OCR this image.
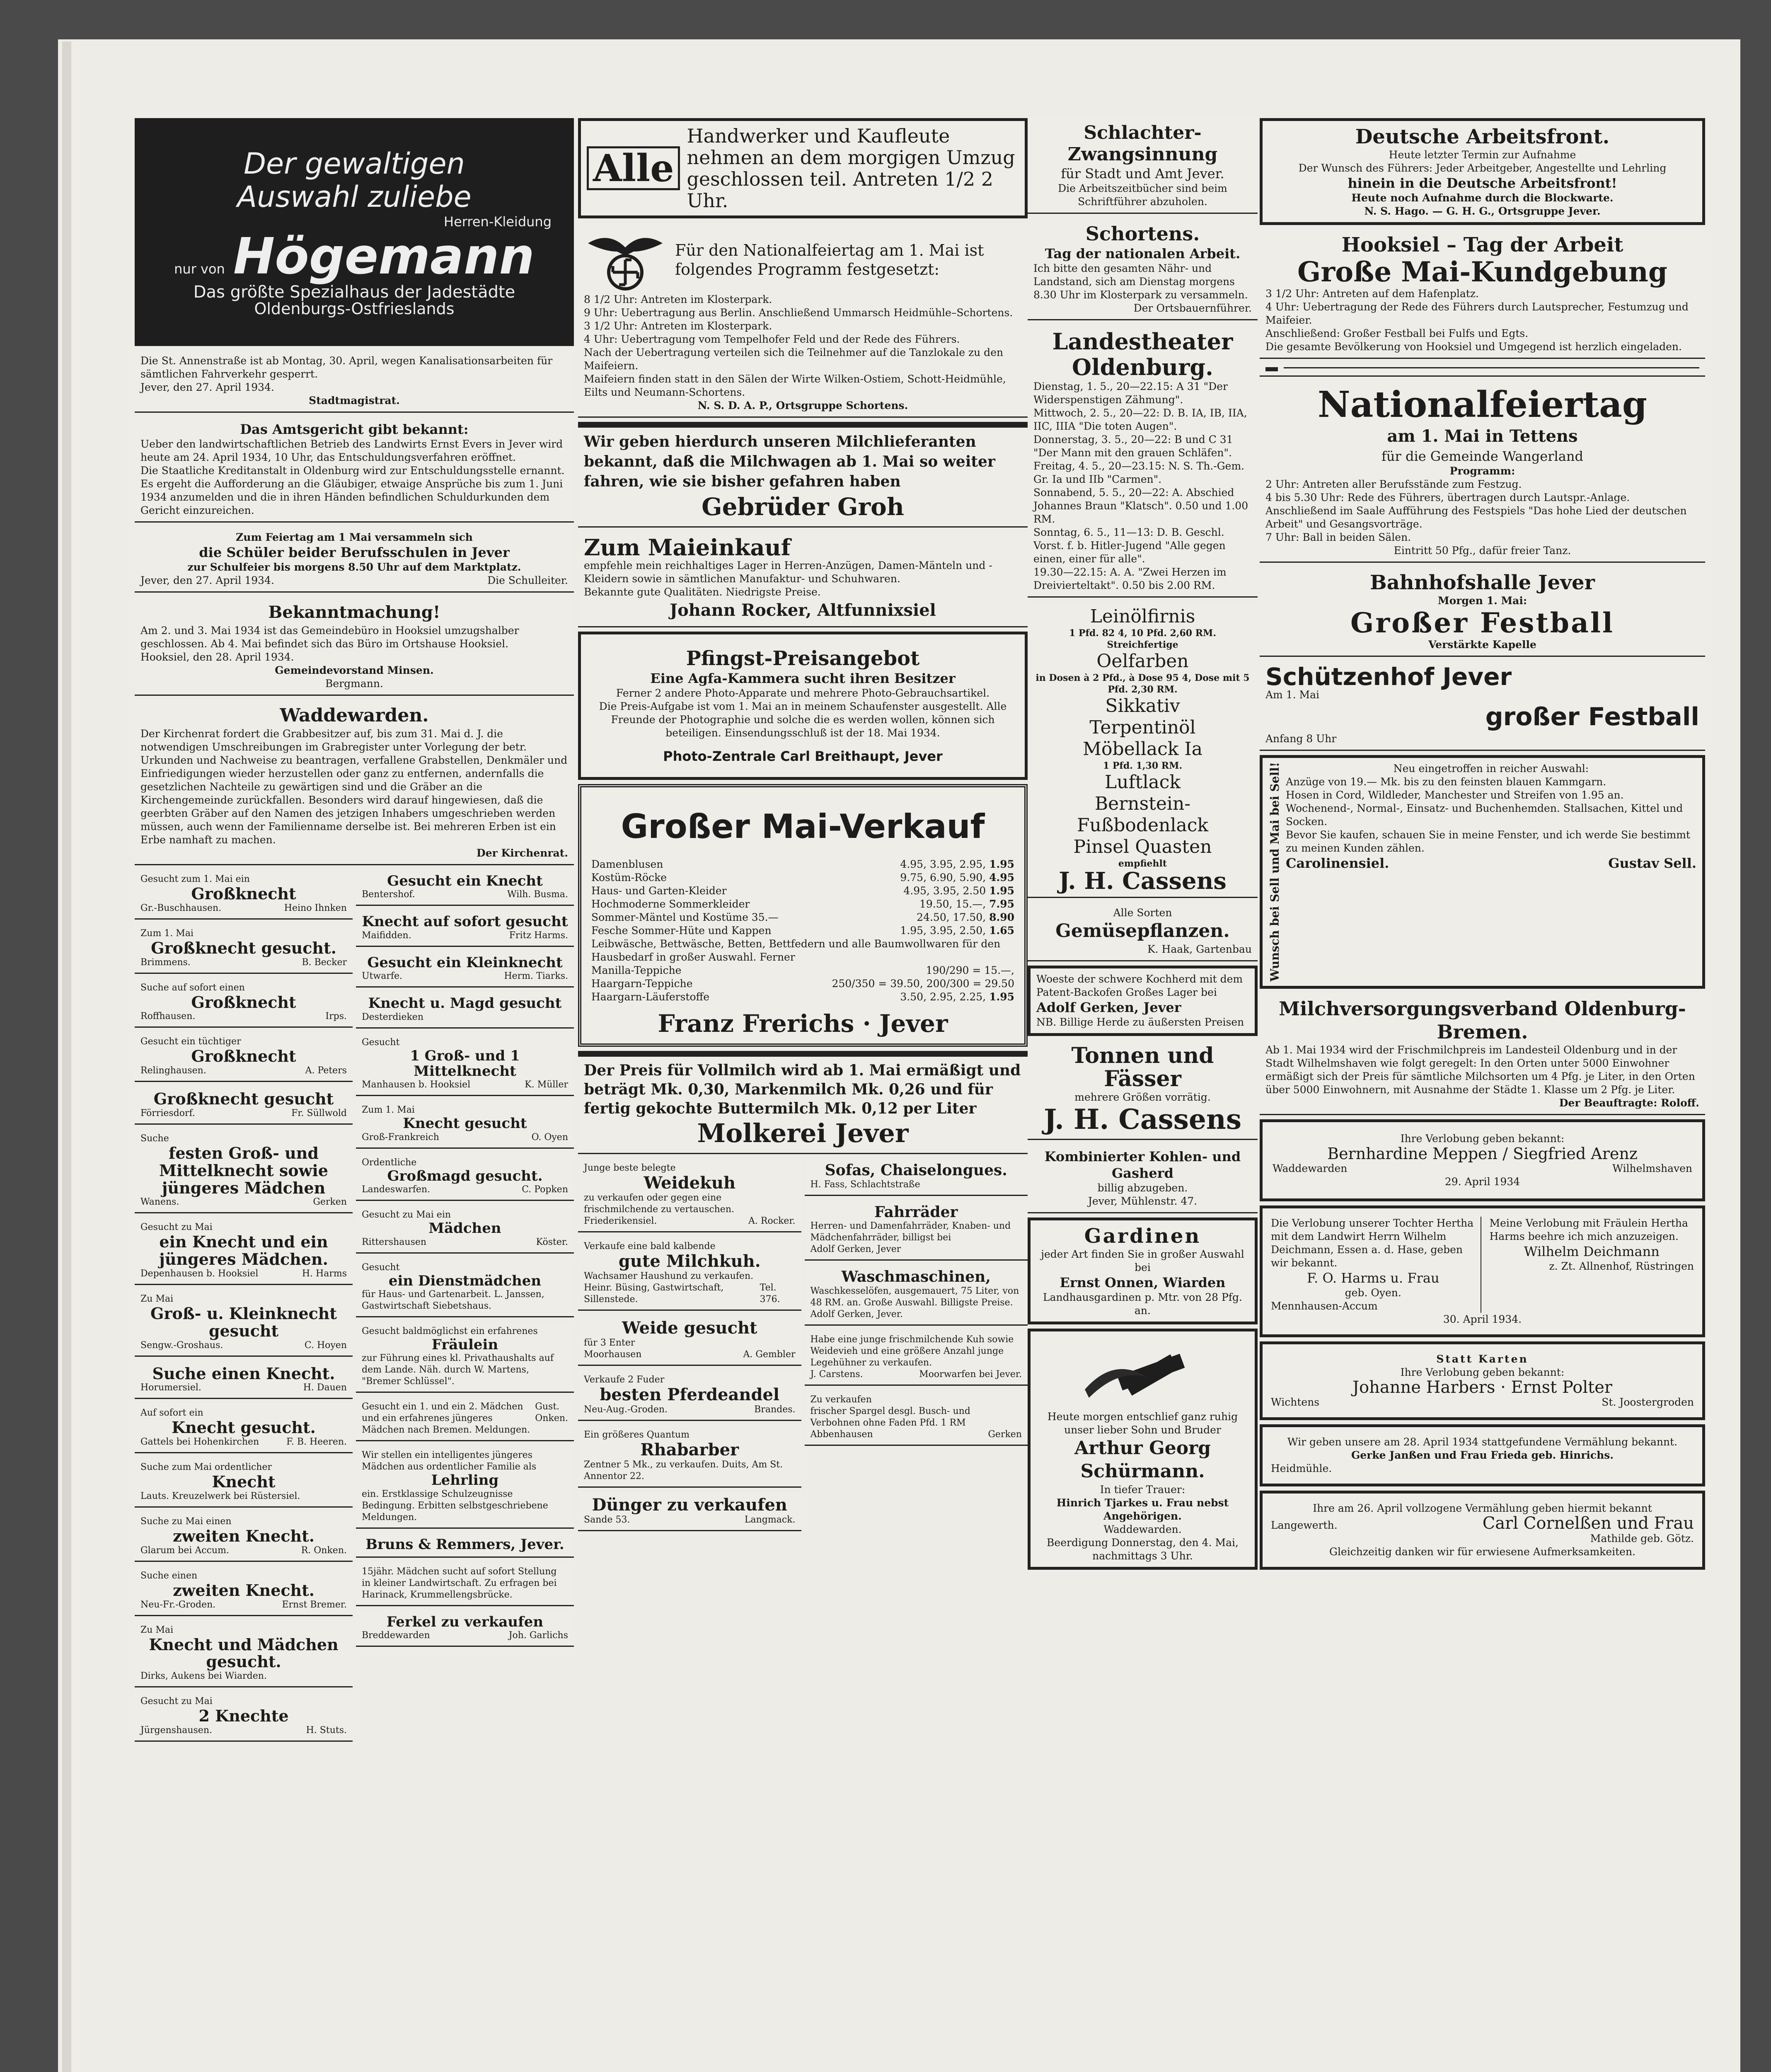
Der gewaltigen
Auswahl zuliebe
Herren-Kleidung
nur von Högemann
Das größte Spezialhaus der Jadestädte
Oldenburgs-Ostfrieslands
Die St. Annenstraße ist ab Montag, 30. April, wegen Kanalisationsarbeiten für sämtlichen Fahrverkehr gesperrt.
Jever, den 27. April 1934.
Stadtmagistrat.
Das Amtsgericht gibt bekannt:
Ueber den landwirtschaftlichen Betrieb des Landwirts Ernst Evers in Jever wird heute am 24. April 1934, 10 Uhr, das Entschuldungsverfahren eröffnet.
Die Staatliche Kreditanstalt in Oldenburg wird zur Entschuldungsstelle ernannt.
Es ergeht die Aufforderung an die Gläubiger, etwaige Ansprüche bis zum 1. Juni 1934 anzumelden und die in ihren Händen befindlichen Schuldurkunden dem Gericht einzureichen.
Zum Feiertag am 1 Mai versammeln sich
die Schüler beider Berufsschulen in Jever
zur Schulfeier bis morgens 8.50 Uhr auf dem Marktplatz.
Jever, den 27. April 1934.	Die Schulleiter.
Bekanntmachung!
Am 2. und 3. Mai 1934 ist das Gemeindebüro in Hooksiel umzugshalber geschlossen. Ab 4. Mai befindet sich das Büro im Ortshause Hooksiel.
Hooksiel, den 28. April 1934.
Gemeindevorstand Minsen.
Bergmann.
Waddewarden.
Der Kirchenrat fordert die Grabbesitzer auf, bis zum 31. Mai d. J. die notwendigen Umschreibungen im Grabregister unter Vorlegung der betr. Urkunden und Nachweise zu beantragen, verfallene Grabstellen, Denkmäler und Einfriedigungen wieder herzustellen oder ganz zu entfernen, andernfalls die gesetzlichen Nachteile zu gewärtigen sind und die Gräber an die Kirchengemeinde zurückfallen. Besonders wird darauf hingewiesen, daß die geerbten Gräber auf den Namen des jetzigen Inhabers umgeschrieben werden müssen, auch wenn der Familienname derselbe ist. Bei mehreren Erben ist ein Erbe namhaft zu machen.
Der Kirchenrat.
Gesucht zum 1. Mai ein
Großknecht
Gr.-Buschhausen.	Heino Ihnken
Zum 1. Mai
Großknecht gesucht.
Brimmens.	B. Becker
Suche auf sofort einen
Großknecht
Roffhausen.	Irps.
Gesucht ein tüchtiger
Großknecht
Relinghausen.	A. Peters
Großknecht gesucht
Förriesdorf.	Fr. Süllwold
Suche
festen Groß- und Mittelknecht sowie jüngeres Mädchen
Wanens.	Gerken
Gesucht zu Mai
ein Knecht und ein jüngeres Mädchen.
Depenhausen b. Hooksiel	H. Harms
Zu Mai
Groß- u. Kleinknecht gesucht
Sengw.-Groshaus.	C. Hoyen
Suche einen Knecht.
Horumersiel.	H. Dauen
Auf sofort ein
Knecht gesucht.
Gattels bei Hohenkirchen	F. B. Heeren.
Suche zum Mai ordentlicher
Knecht
Lauts. Kreuzelwerk bei Rüstersiel.
Suche zu Mai einen
zweiten Knecht.
Glarum bei Accum.	R. Onken.
Suche einen
zweiten Knecht.
Neu-Fr.-Groden.	Ernst Bremer.
Zu Mai
Knecht und Mädchen gesucht.
Dirks, Aukens bei Wiarden.
Gesucht zu Mai
2 Knechte
Jürgenshausen.	H. Stuts.
Gesucht ein Knecht
Bentershof.	Wilh. Busma.
Knecht auf sofort gesucht
Maifidden.	Fritz Harms.
Gesucht ein Kleinknecht
Utwarfe.	Herm. Tiarks.
Knecht u. Magd gesucht
Desterdieken
Gesucht
1 Groß- und 1 Mittelknecht
Manhausen b. Hooksiel	K. Müller
Zum 1. Mai
Knecht gesucht
Groß-Frankreich	O. Oyen
Ordentliche
Großmagd gesucht.
Landeswarfen.	C. Popken
Gesucht zu Mai ein
Mädchen
Rittershausen	Köster.
Gesucht
ein Dienstmädchen
für Haus- und Gartenarbeit. L. Janssen, Gastwirtschaft Siebetshaus.
Gesucht baldmöglichst ein erfahrenes
Fräulein
zur Führung eines kl. Privathaushalts auf dem Lande. Näh. durch W. Martens, "Bremer Schlüssel".
Gesucht ein 1. und ein 2. Mädchen und ein erfahrenes jüngeres Mädchen nach Bremen. Meldungen.
Gust. Onken.
Wir stellen ein intelligentes jüngeres Mädchen aus ordentlicher Familie als
Lehrling
ein. Erstklassige Schulzeugnisse Bedingung. Erbitten selbstgeschriebene Meldungen.
Bruns & Remmers, Jever.
15jähr. Mädchen sucht auf sofort Stellung in kleiner Landwirtschaft. Zu erfragen bei Harinack, Krummellengsbrücke.
Ferkel zu verkaufen
Breddewarden	Joh. Garlichs
Alle
Handwerker und Kaufleute nehmen an dem morgigen Umzug geschlossen teil. Antreten 1/2 2 Uhr.
Für den Nationalfeiertag am 1. Mai ist folgendes Programm festgesetzt:
8 1/2 Uhr: Antreten im Klosterpark.
9 Uhr: Uebertragung aus Berlin. Anschließend Ummarsch Heidmühle–Schortens.
3 1/2 Uhr: Antreten im Klosterpark.
4 Uhr: Uebertragung vom Tempelhofer Feld und der Rede des Führers.
Nach der Uebertragung verteilen sich die Teilnehmer auf die Tanzlokale zu den Maifeiern.
Maifeiern finden statt in den Sälen der Wirte Wilken-Ostiem, Schott-Heidmühle, Eilts und Neumann-Schortens.
N. S. D. A. P., Ortsgruppe Schortens.
Wir geben hierdurch unseren Milchlieferanten bekannt, daß die Milchwagen ab 1. Mai so weiter fahren, wie sie bisher gefahren haben
Gebrüder Groh
Zum Maieinkauf
empfehle mein reichhaltiges Lager in Herren-Anzügen, Damen-Mänteln und -Kleidern sowie in sämtlichen Manufaktur- und Schuhwaren.
Bekannte gute Qualitäten. Niedrigste Preise.
Johann Rocker, Altfunnixsiel
Pfingst-Preisangebot
Eine Agfa-Kammera sucht ihren Besitzer
Ferner 2 andere Photo-Apparate und mehrere Photo-Gebrauchsartikel.
Die Preis-Aufgabe ist vom 1. Mai an in meinem Schaufenster ausgestellt. Alle Freunde der Photographie und solche die es werden wollen, können sich beteiligen. Einsendungsschluß ist der 18. Mai 1934.
Photo-Zentrale Carl Breithaupt, Jever
Großer Mai-Verkauf
Damenblusen	4.95, 3.95, 2.95, 1.95
Kostüm-Röcke	9.75, 6.90, 5.90, 4.95
Haus- und Garten-Kleider	4.95, 3.95, 2.50 1.95
Hochmoderne Sommerkleider	19.50, 15.—, 7.95
Sommer-Mäntel und Kostüme 35.—	24.50, 17.50, 8.90
Fesche Sommer-Hüte und Kappen	1.95, 3.95, 2.50, 1.65
Leibwäsche, Bettwäsche, Betten, Bettfedern und alle Baumwollwaren für den Hausbedarf in großer Auswahl. Ferner
Manilla-Teppiche	190/290 = 15.—,
Haargarn-Teppiche	250/350 = 39.50, 200/300 = 29.50
Haargarn-Läuferstoffe	3.50, 2.95, 2.25, 1.95
Franz Frerichs · Jever
Der Preis für Vollmilch wird ab 1. Mai ermäßigt und beträgt Mk. 0,30, Markenmilch Mk. 0,26 und für fertig gekochte Buttermilch Mk. 0,12 per Liter
Molkerei Jever
Junge beste belegte
Weidekuh
zu verkaufen oder gegen eine frischmilchende zu vertauschen.
Friederikensiel.	A. Rocker.
Verkaufe eine bald kalbende
gute Milchkuh.
Wachsamer Haushund zu verkaufen.
Heinr. Büsing, Gastwirtschaft, Sillenstede.
Tel. 376.
Weide gesucht
für 3 Enter
Moorhausen	A. Gembler
Verkaufe 2 Fuder
besten Pferdeandel
Neu-Aug.-Groden.	Brandes.
Ein größeres Quantum
Rhabarber
Zentner 5 Mk., zu verkaufen. Duits, Am St. Annentor 22.
Dünger zu verkaufen
Sande 53.	Langmack.
Sofas, Chaiselongues.
H. Fass, Schlachtstraße
Fahrräder
Herren- und Damenfahrräder, Knaben- und Mädchenfahrräder, billigst bei
Adolf Gerken, Jever
Waschmaschinen,
Waschkesselöfen, ausgemauert, 75 Liter, von 48 RM. an. Große Auswahl. Billigste Preise.
Adolf Gerken, Jever.
Habe eine junge frischmilchende Kuh sowie Weidevieh und eine größere Anzahl junge Legehühner zu verkaufen.
J. Carstens.	Moorwarfen bei Jever.
Zu verkaufen
frischer Spargel desgl. Busch- und Verbohnen ohne Faden Pfd. 1 RM
Abbenhausen	Gerken
Schlachter-Zwangsinnung
für Stadt und Amt Jever.
Die Arbeitszeitbücher sind beim Schriftführer abzuholen.
Schortens.
Tag der nationalen Arbeit.
Ich bitte den gesamten Nähr- und Landstand, sich am Dienstag morgens 8.30 Uhr im Klosterpark zu versammeln.
Der Ortsbauernführer.
Landestheater Oldenburg.
Dienstag, 1. 5., 20—22.15: A 31 "Der Widerspenstigen Zähmung".
Mittwoch, 2. 5., 20—22: D. B. IA, IB, IIA, IIC, IIIA "Die toten Augen".
Donnerstag, 3. 5., 20—22: B und C 31 "Der Mann mit den grauen Schläfen".
Freitag, 4. 5., 20—23.15: N. S. Th.-Gem. Gr. Ia und IIb "Carmen".
Sonnabend, 5. 5., 20—22: A. Abschied Johannes Braun "Klatsch". 0.50 und 1.00 RM.
Sonntag, 6. 5., 11—13: D. B. Geschl. Vorst. f. b. Hitler-Jugend "Alle gegen einen, einer für alle".
19.30—22.15: A. A. "Zwei Herzen im Dreivierteltakt". 0.50 bis 2.00 RM.
Leinölfirnis
1 Pfd. 82 4, 10 Pfd. 2,60 RM.
Streichfertige
Oelfarben
in Dosen à 2 Pfd., à Dose 95 4, Dose mit 5 Pfd. 2,30 RM.
Sikkativ
Terpentinöl
Möbellack Ia
1 Pfd. 1,30 RM.
Luftlack
Bernstein-Fußbodenlack
Pinsel Quasten
empfiehlt
J. H. Cassens
Alle Sorten
Gemüsepflanzen.
K. Haak, Gartenbau
Woeste der schwere Kochherd mit dem Patent-Backofen Großes Lager bei
Adolf Gerken, Jever
NB. Billige Herde zu äußersten Preisen
Tonnen und Fässer
mehrere Größen vorrätig.
J. H. Cassens
Kombinierter Kohlen- und Gasherd
billig abzugeben.
Jever, Mühlenstr. 47.
Gardinen
jeder Art finden Sie in großer Auswahl bei
Ernst Onnen, Wiarden
Landhausgardinen p. Mtr. von 28 Pfg. an.
Heute morgen entschlief ganz ruhig unser lieber Sohn und Bruder
Arthur Georg Schürmann.
In tiefer Trauer:
Hinrich Tjarkes u. Frau nebst Angehörigen.
Waddewarden.
Beerdigung Donnerstag, den 4. Mai, nachmittags 3 Uhr.
Deutsche Arbeitsfront.
Heute letzter Termin zur Aufnahme
Der Wunsch des Führers: Jeder Arbeitgeber, Angestellte und Lehrling
hinein in die Deutsche Arbeitsfront!
Heute noch Aufnahme durch die Blockwarte.
N. S. Hago. — G. H. G., Ortsgruppe Jever.
Hooksiel – Tag der Arbeit
Große Mai-Kundgebung
3 1/2 Uhr: Antreten auf dem Hafenplatz.
4 Uhr: Uebertragung der Rede des Führers durch Lautsprecher, Festumzug und Maifeier.
Anschließend: Großer Festball bei Fulfs und Egts.
Die gesamte Bevölkerung von Hooksiel und Umgegend ist herzlich eingeladen.
Nationalfeiertag
am 1. Mai in Tettens
für die Gemeinde Wangerland
Programm:
2 Uhr: Antreten aller Berufsstände zum Festzug.
4 bis 5.30 Uhr: Rede des Führers, übertragen durch Lautspr.-Anlage. Anschließend im Saale Aufführung des Festspiels "Das hohe Lied der deutschen Arbeit" und Gesangsvorträge.
7 Uhr: Ball in beiden Sälen.
Eintritt 50 Pfg., dafür freier Tanz.
Bahnhofshalle Jever
Morgen 1. Mai:
Großer Festball
Verstärkte Kapelle
Schützenhof Jever
Am 1. Mai
großer Festball
Anfang 8 Uhr
Wunsch bei Sell und Mai bei Sell!	Neu eingetroffen in reicher Auswahl:
Anzüge von 19.— Mk. bis zu den feinsten blauen Kammgarn.
Hosen in Cord, Wildleder, Manchester und Streifen von 1.95 an.
Wochenend-, Normal-, Einsatz- und Buchenhemden. Stallsachen, Kittel und Socken.
Bevor Sie kaufen, schauen Sie in meine Fenster, und ich werde Sie bestimmt zu meinen Kunden zählen.
Carolinensiel.	Gustav Sell.
Milchversorgungsverband Oldenburg-Bremen.
Ab 1. Mai 1934 wird der Frischmilchpreis im Landesteil Oldenburg und in der Stadt Wilhelmshaven wie folgt geregelt: In den Orten unter 5000 Einwohner ermäßigt sich der Preis für sämtliche Milchsorten um 4 Pfg. je Liter, in den Orten über 5000 Einwohnern, mit Ausnahme der Städte 1. Klasse um 2 Pfg. je Liter.
Der Beauftragte: Roloff.
Ihre Verlobung geben bekannt:
Bernhardine Meppen / Siegfried Arenz
Waddewarden	Wilhelmshaven
29. April 1934
Die Verlobung unserer Tochter Hertha mit dem Landwirt Herrn Wilhelm Deichmann, Essen a. d. Hase, geben wir bekannt.
F. O. Harms u. Frau
geb. Oyen.
Mennhausen-Accum
Meine Verlobung mit Fräulein Hertha Harms beehre ich mich anzuzeigen.
Wilhelm Deichmann
z. Zt. Allnenhof, Rüstringen
30. April 1934.
Statt Karten
Ihre Verlobung geben bekannt:
Johanne Harbers · Ernst Polter
Wichtens	St. Joostergroden
Wir geben unsere am 28. April 1934 stattgefundene Vermählung bekannt.
Gerke Janßen und Frau Frieda geb. Hinrichs.
Heidmühle.
Ihre am 26. April vollzogene Vermählung geben hiermit bekannt
Langewerth.	Carl Cornelßen und Frau
Mathilde geb. Götz.
Gleichzeitig danken wir für erwiesene Aufmerksamkeiten.
